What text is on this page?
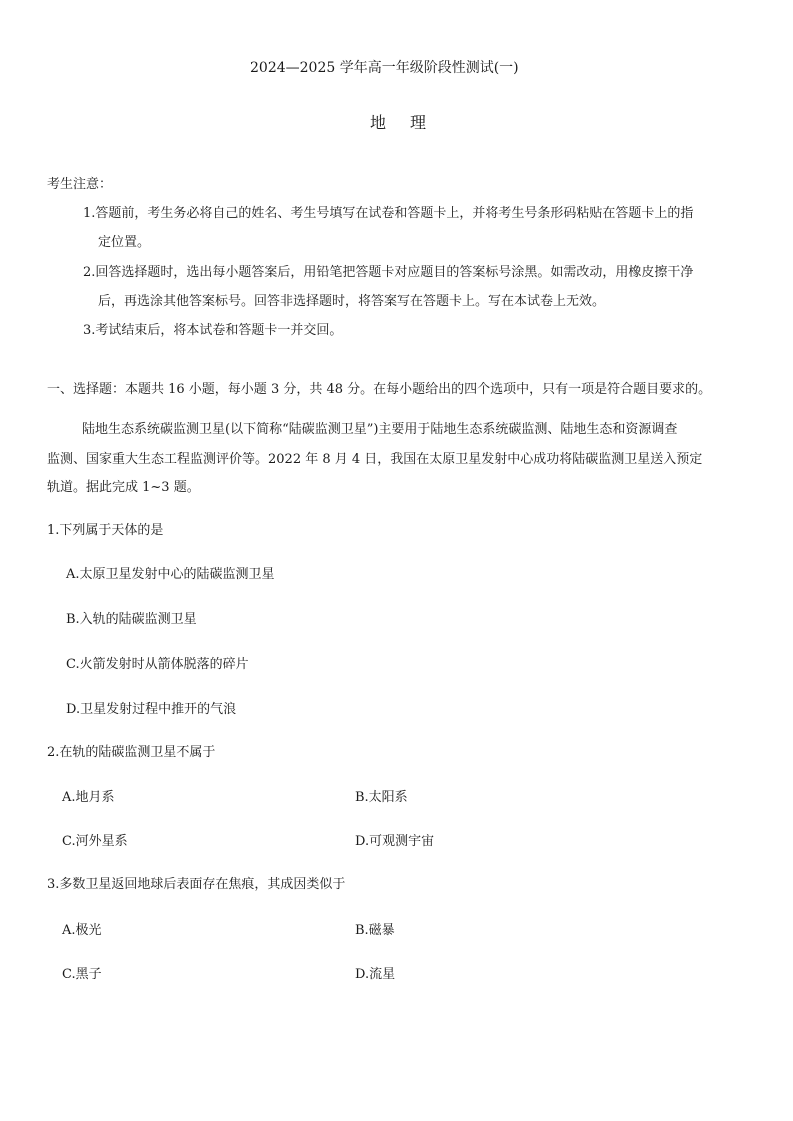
2024—2025 学年高一年级阶段性测试(一)
地 理
考生注意：
1.答题前，考生务必将自己的姓名、考生号填写在试卷和答题卡上，并将考生号条形码粘贴在答题卡上的指
定位置。
2.回答选择题时，选出每小题答案后，用铅笔把答题卡对应题目的答案标号涂黑。如需改动，用橡皮擦干净
后，再选涂其他答案标号。回答非选择题时，将答案写在答题卡上。写在本试卷上无效。
3.考试结束后，将本试卷和答题卡一并交回。
一、选择题：本题共 16 小题，每小题 3 分，共 48 分。在每小题给出的四个选项中，只有一项是符合题目要求的。
陆地生态系统碳监测卫星(以下简称“陆碳监测卫星”)主要用于陆地生态系统碳监测、陆地生态和资源调查
监测、国家重大生态工程监测评价等。2022 年 8 月 4 日，我国在太原卫星发射中心成功将陆碳监测卫星送入预定
轨道。据此完成 1~3 题。
1.下列属于天体的是
A.太原卫星发射中心的陆碳监测卫星
B.入轨的陆碳监测卫星
C.火箭发射时从箭体脱落的碎片
D.卫星发射过程中推开的气浪
2.在轨的陆碳监测卫星不属于
A.地月系	B.太阳系
C.河外星系	D.可观测宇宙
3.多数卫星返回地球后表面存在焦痕，其成因类似于
A.极光	B.磁暴
C.黑子	D.流星
